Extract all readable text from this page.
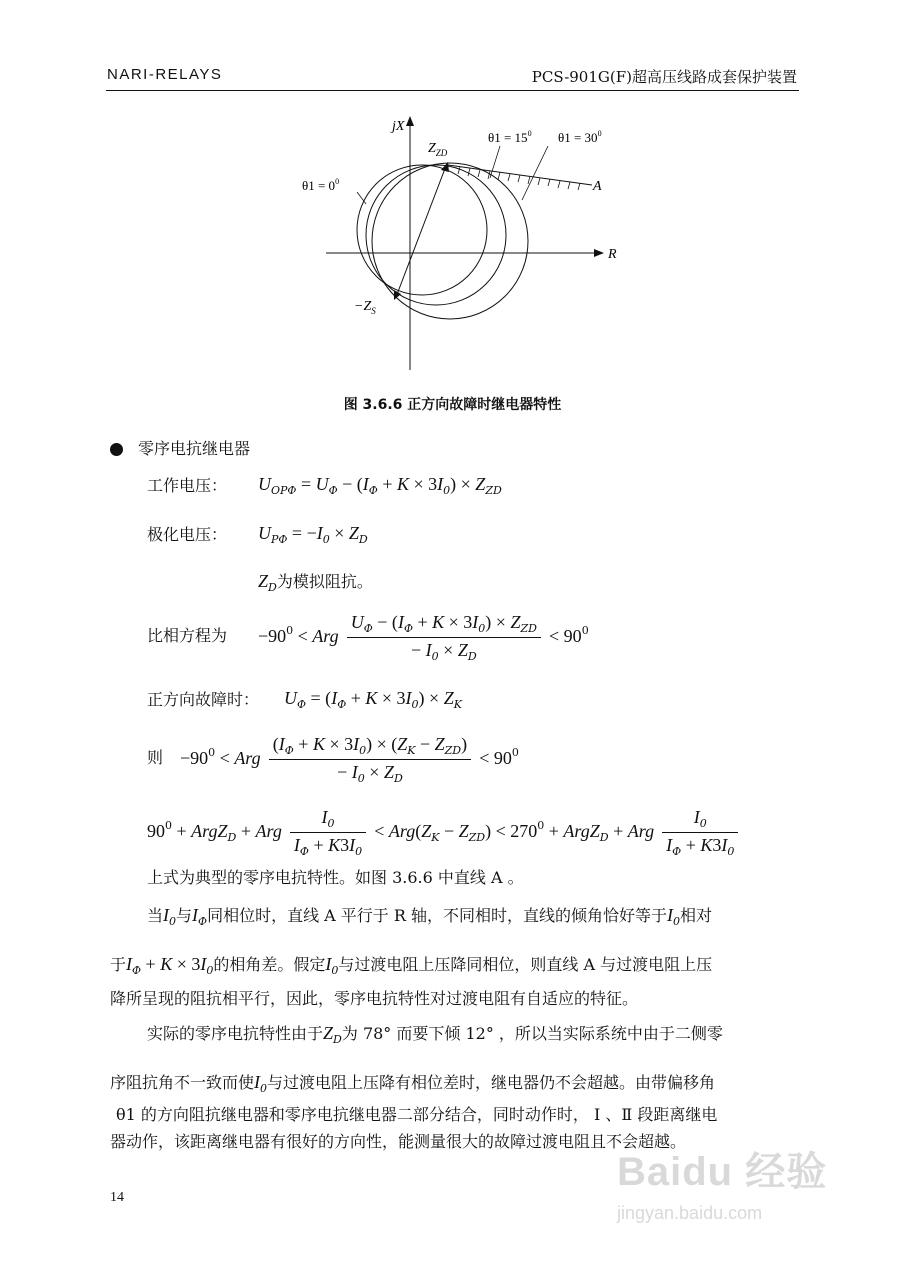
NARI-RELAYS	PCS-901G(F)超高压线路成套保护装置
jX
R
A
$Z_{ZD}$
$-Z_S$
$\theta 1 = 0^0$
$\theta 1 = 15^0$ $\theta 1 = 30^0$
图 3.6.6 正方向故障时继电器特性
零序电抗继电器
工作电压： $U_{OP\Phi} = U_\Phi - (I_\Phi + K \times 3I_0) \times Z_{ZD}$
极化电压： $U_{P\Phi} = -I_0 \times Z_D$
$Z_D$为模拟阻抗。
比相方程为 $-90^0$ < Arg $\frac{U_\Phi - (I_\Phi + K \times 3I_0) \times Z_{ZD}}{- I_0 \times Z_D} < 90^0$
正方向故障时： $U_\Phi = (I_\Phi + K \times 3I_0) \times Z_K$
则 $-90^0$ < Arg $\frac{(I_\Phi + K \times 3I_0) \times (Z_K - Z_{ZD})}{- I_0 \times Z_D} < 90^0$
$90^0$ + ArgZ$_D$ + Arg $\frac{I_0}{I_\Phi + K3I_0} < Arg(Z_K - Z_{ZD}) < 270^0$ + ArgZ$_D$ + Arg $\frac{I_0}{I_\Phi + K3I_0}$
上式为典型的零序电抗特性。如图 3.6.6 中直线 A 。
当$I_0$与$I_\Phi$同相位时，直线 A 平行于 R 轴，不同相时，直线的倾角恰好等于$I_0$相对
于$I_\Phi + K \times 3I_0$的相角差。假定$I_0$与过渡电阻上压降同相位，则直线 A 与过渡电阻上压
降所呈现的阻抗相平行，因此，零序电抗特性对过渡电阻有自适应的特征。
实际的零序电抗特性由于$Z_D$为 78° 而要下倾 12° ，所以当实际系统中由于二侧零
序阻抗角不一致而使$I_0$与过渡电阻上压降有相位差时，继电器仍不会超越。由带偏移角
θ1 的方向阻抗继电器和零序电抗继电器二部分结合，同时动作时， Ⅰ 、Ⅱ 段距离继电
器动作，该距离继电器有很好的方向性，能测量很大的故障过渡电阻且不会超越。
14
Baidu 经验
jingyan.baidu.com
